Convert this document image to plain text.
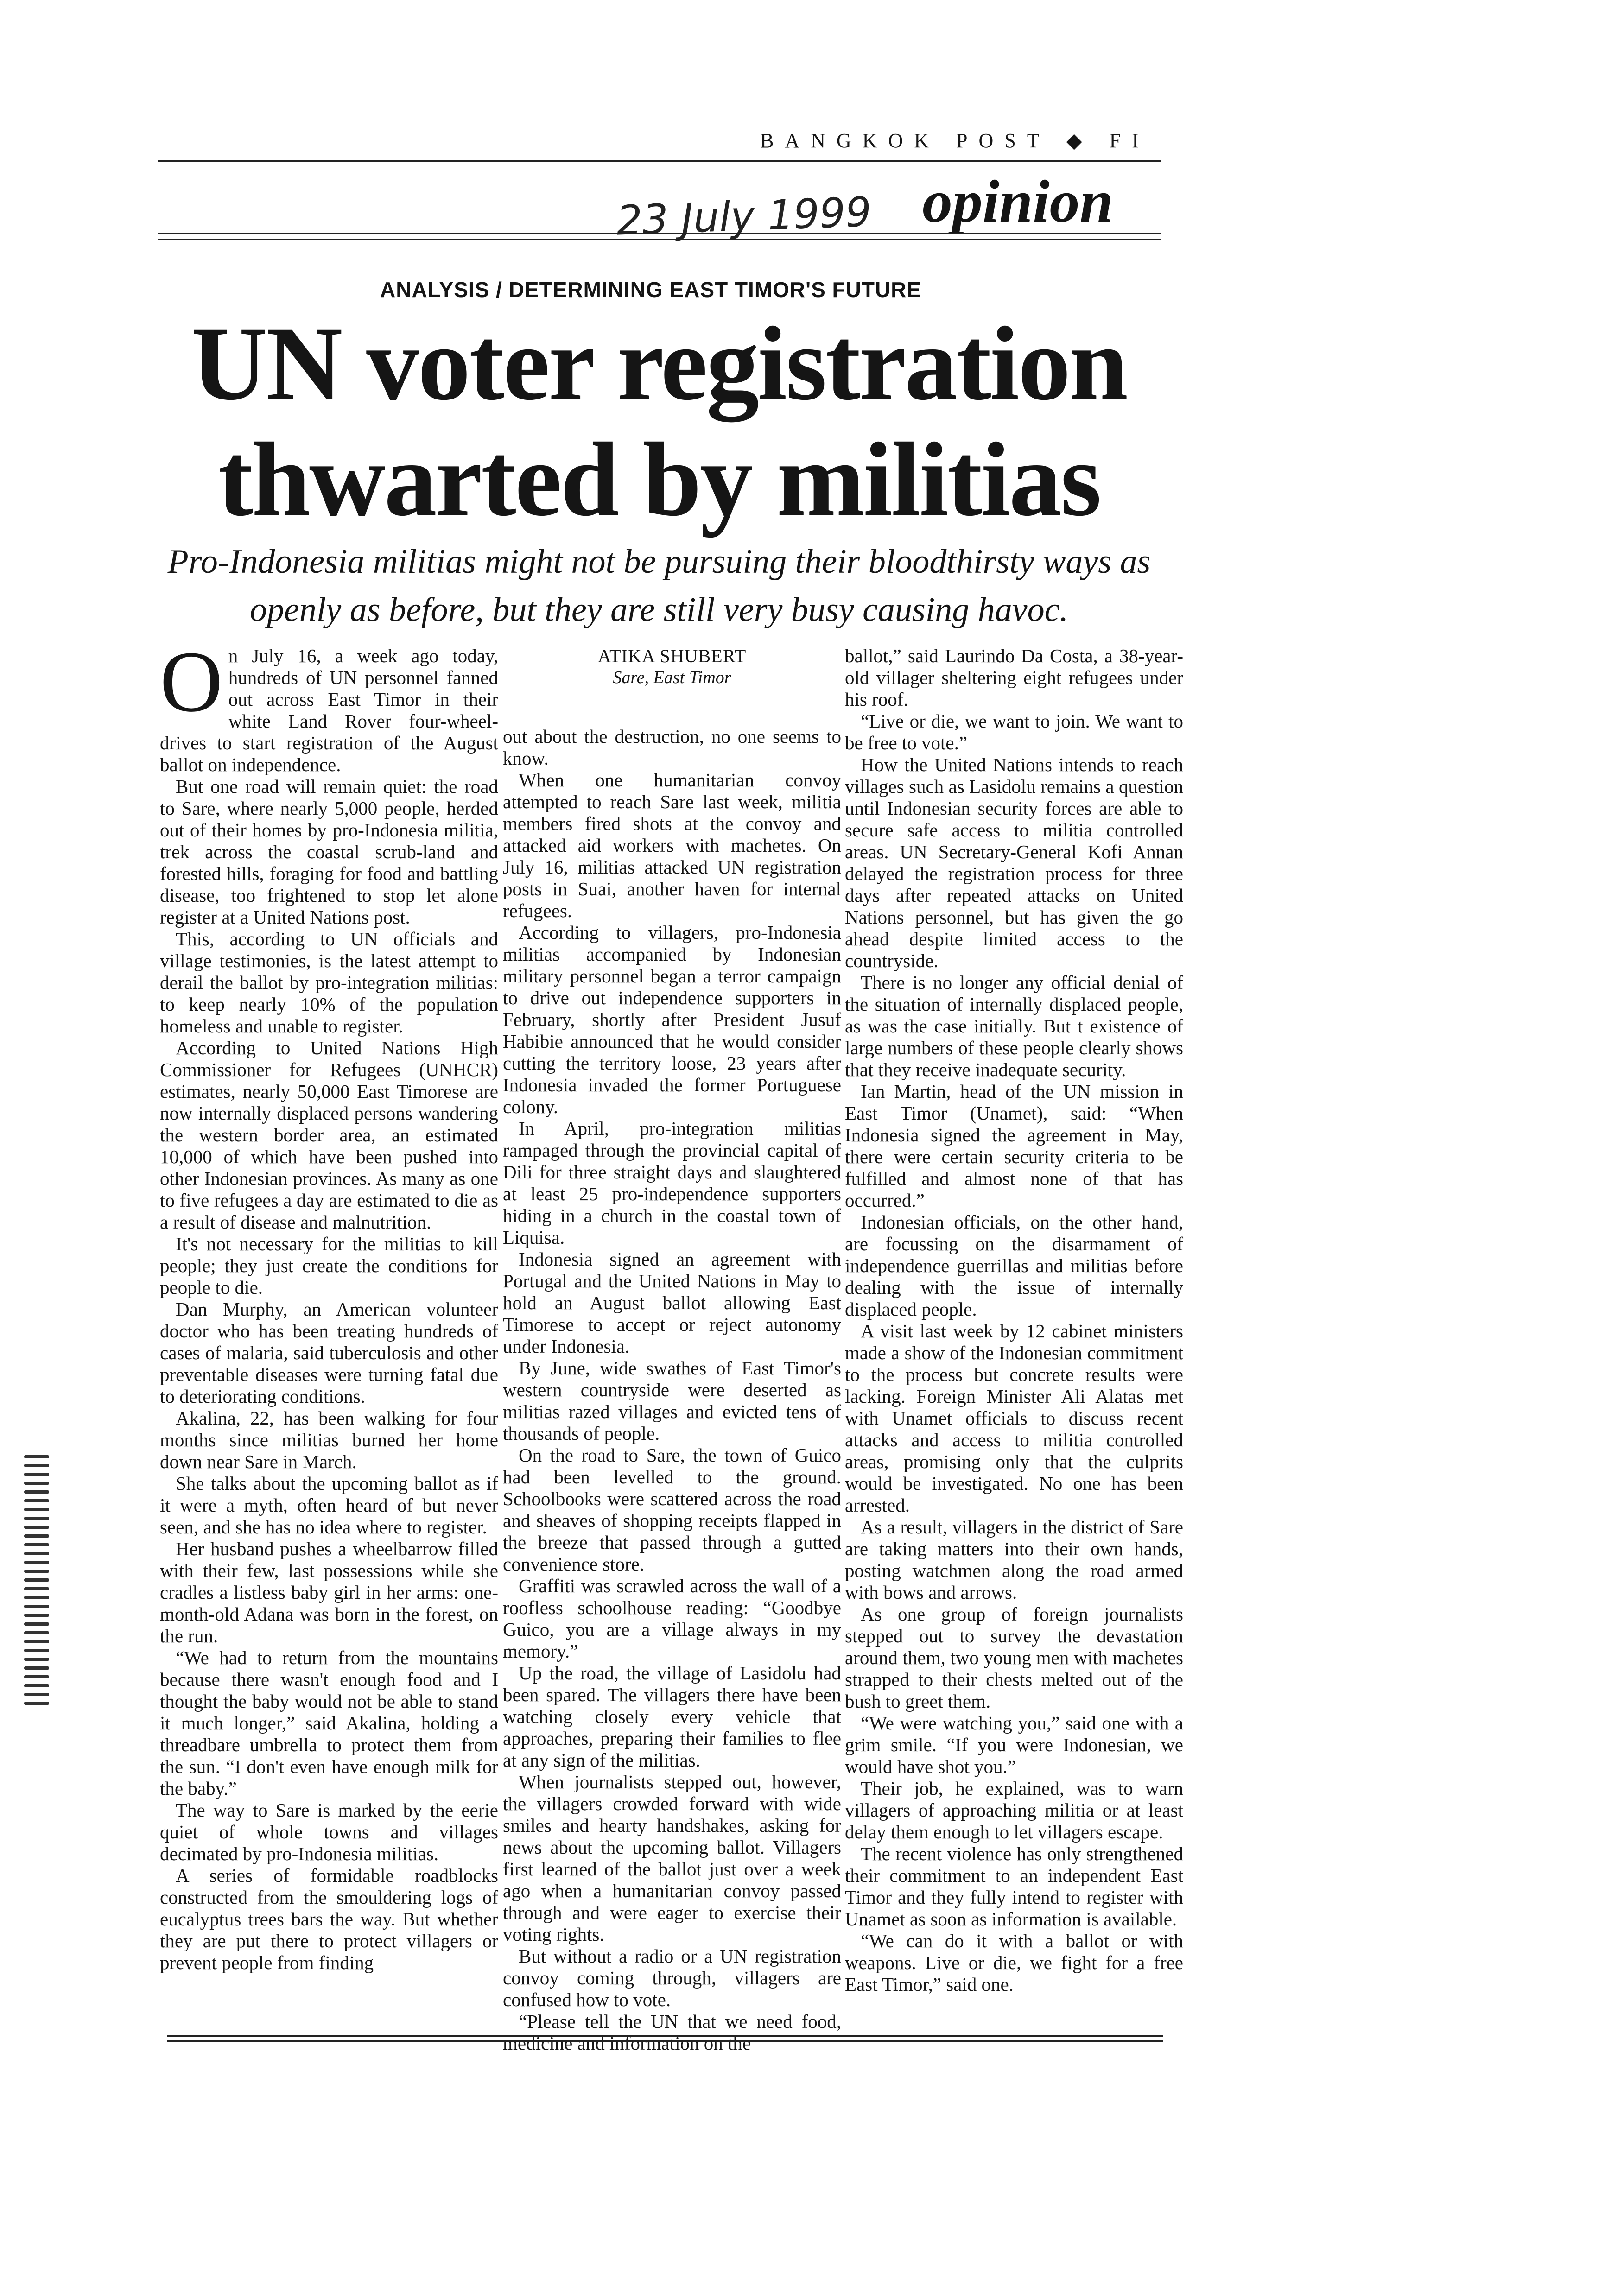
BANGKOK POST ◆ FI
23 July 1999 opinion
ANALYSIS / DETERMINING EAST TIMOR'S FUTURE
UN voter registration
thwarted by militias
Pro-Indonesia militias might not be pursuing their bloodthirsty ways as openly as before, but they are still very busy causing havoc.
O n July 16, a week ago today, hundreds of UN personnel fanned out across East Timor in their white Land Rover four-wheel-drives to start registration of the August ballot on independence.

But one road will remain quiet: the road to Sare, where nearly 5,000 people, herded out of their homes by pro-Indonesia militia, trek across the coastal scrub-land and forested hills, foraging for food and battling disease, too frightened to stop let alone register at a United Nations post.

This, according to UN officials and village testimonies, is the latest attempt to derail the ballot by pro-integration militias: to keep nearly 10% of the population homeless and unable to register.

According to United Nations High Commissioner for Refugees (UNHCR) estimates, nearly 50,000 East Timorese are now internally displaced persons wandering the western border area, an estimated 10,000 of which have been pushed into other Indonesian provinces. As many as one to five refugees a day are estimated to die as a result of disease and malnutrition.

It's not necessary for the militias to kill people; they just create the conditions for people to die.

Dan Murphy, an American volunteer doctor who has been treating hundreds of cases of malaria, said tuberculosis and other preventable diseases were turning fatal due to deteriorating conditions.

Akalina, 22, has been walking for four months since militias burned her home down near Sare in March.

She talks about the upcoming ballot as if it were a myth, often heard of but never seen, and she has no idea where to register.

Her husband pushes a wheelbarrow filled with their few, last possessions while she cradles a listless baby girl in her arms: one-month-old Adana was born in the forest, on the run.

“We had to return from the mountains because there wasn't enough food and I thought the baby would not be able to stand it much longer,” said Akalina, holding a threadbare umbrella to protect them from the sun. “I don't even have enough milk for the baby.”

The way to Sare is marked by the eerie quiet of whole towns and villages decimated by pro-Indonesia militias.

A series of formidable roadblocks constructed from the smouldering logs of eucalyptus trees bars the way. But whether they are put there to protect villagers or prevent people from finding

ATIKA SHUBERT
Sare, East Timor

out about the destruction, no one seems to know.

When one humanitarian convoy attempted to reach Sare last week, militia members fired shots at the convoy and attacked aid workers with machetes. On July 16, militias attacked UN registration posts in Suai, another haven for internal refugees.

According to villagers, pro-Indonesia militias accompanied by Indonesian military personnel began a terror campaign to drive out independence supporters in February, shortly after President Jusuf Habibie announced that he would consider cutting the territory loose, 23 years after Indonesia invaded the former Portuguese colony.

In April, pro-integration militias rampaged through the provincial capital of Dili for three straight days and slaughtered at least 25 pro-independence supporters hiding in a church in the coastal town of Liquisa.

Indonesia signed an agreement with Portugal and the United Nations in May to hold an August ballot allowing East Timorese to accept or reject autonomy under Indonesia.

By June, wide swathes of East Timor's western countryside were deserted as militias razed villages and evicted tens of thousands of people.

On the road to Sare, the town of Guico had been levelled to the ground. Schoolbooks were scattered across the road and sheaves of shopping receipts flapped in the breeze that passed through a gutted convenience store.

Graffiti was scrawled across the wall of a roofless schoolhouse reading: “Goodbye Guico, you are a village always in my memory.”

Up the road, the village of Lasidolu had been spared. The villagers there have been watching closely every vehicle that approaches, preparing their families to flee at any sign of the militias.

When journalists stepped out, however, the villagers crowded forward with wide smiles and hearty handshakes, asking for news about the upcoming ballot. Villagers first learned of the ballot just over a week ago when a humanitarian convoy passed through and were eager to exercise their voting rights.

But without a radio or a UN registration convoy coming through, villagers are confused how to vote.

“Please tell the UN that we need food, medicine and information on the

ballot,” said Laurindo Da Costa, a 38-year-old villager sheltering eight refugees under his roof.

“Live or die, we want to join. We want to be free to vote.”

How the United Nations intends to reach villages such as Lasidolu remains a question until Indonesian security forces are able to secure safe access to militia controlled areas. UN Secretary-General Kofi Annan delayed the registration process for three days after repeated attacks on United Nations personnel, but has given the go ahead despite limited access to the countryside.

There is no longer any official denial of the situation of internally displaced people, as was the case initially. But t existence of large numbers of these people clearly shows that they receive inadequate security.

Ian Martin, head of the UN mission in East Timor (Unamet), said: “When Indonesia signed the agreement in May, there were certain security criteria to be fulfilled and almost none of that has occurred.”

Indonesian officials, on the other hand, are focussing on the disarmament of independence guerrillas and militias before dealing with the issue of internally displaced people.

A visit last week by 12 cabinet ministers made a show of the Indonesian commitment to the process but concrete results were lacking. Foreign Minister Ali Alatas met with Unamet officials to discuss recent attacks and access to militia controlled areas, promising only that the culprits would be investigated. No one has been arrested.

As a result, villagers in the district of Sare are taking matters into their own hands, posting watchmen along the road armed with bows and arrows.

As one group of foreign journalists stepped out to survey the devastation around them, two young men with machetes strapped to their chests melted out of the bush to greet them.

“We were watching you,” said one with a grim smile. “If you were Indonesian, we would have shot you.”

Their job, he explained, was to warn villagers of approaching militia or at least delay them enough to let villagers escape.

The recent violence has only strengthened their commitment to an independent East Timor and they fully intend to register with Unamet as soon as information is available.

“We can do it with a ballot or with weapons. Live or die, we fight for a free East Timor,” said one.
